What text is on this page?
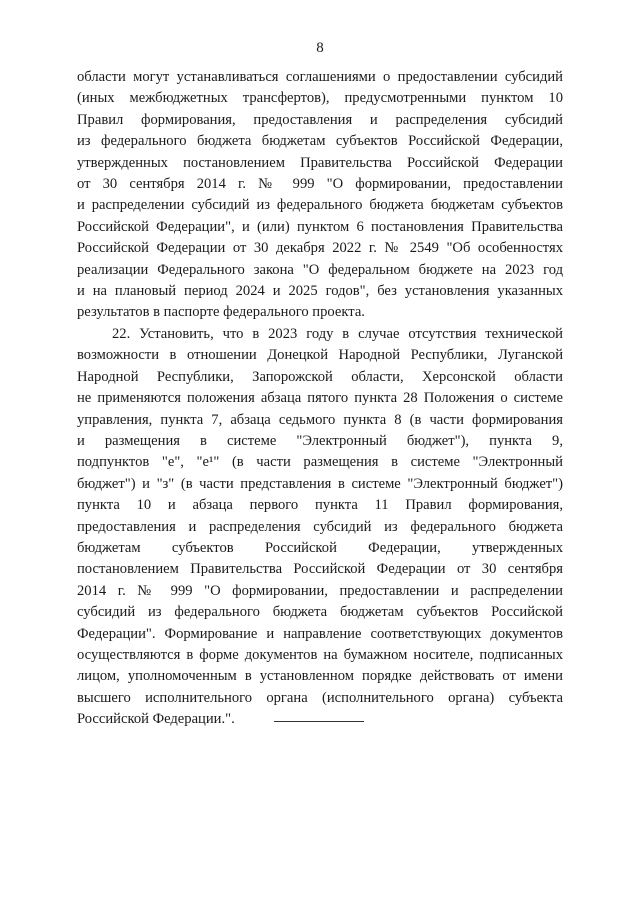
8

области могут устанавливаться соглашениями о предоставлении субсидий
(иных межбюджетных трансфертов), предусмотренными пунктом 10
Правил формирования, предоставления и распределения субсидий
из федерального бюджета бюджетам субъектов Российской Федерации,
утвержденных постановлением Правительства Российской Федерации
от 30 сентября 2014 г. № 999 "О формировании, предоставлении
и распределении субсидий из федерального бюджета бюджетам субъектов
Российской Федерации", и (или) пунктом 6 постановления Правительства
Российской Федерации от 30 декабря 2022 г. № 2549 "Об особенностях
реализации Федерального закона "О федеральном бюджете на 2023 год
и на плановый период 2024 и 2025 годов", без установления указанных
результатов в паспорте федерального проекта.

22. Установить, что в 2023 году в случае отсутствия технической
возможности в отношении Донецкой Народной Республики, Луганской
Народной Республики, Запорожской области, Херсонской области
не применяются положения абзаца пятого пункта 28 Положения о системе
управления, пункта 7, абзаца седьмого пункта 8 (в части формирования
и размещения в системе "Электронный бюджет"), пункта 9,
подпунктов "е", "е¹" (в части размещения в системе "Электронный
бюджет") и "з" (в части представления в системе "Электронный бюджет")
пункта 10 и абзаца первого пункта 11 Правил формирования,
предоставления и распределения субсидий из федерального бюджета
бюджетам субъектов Российской Федерации, утвержденных
постановлением Правительства Российской Федерации от 30 сентября
2014 г. № 999 "О формировании, предоставлении и распределении
субсидий из федерального бюджета бюджетам субъектов Российской
Федерации". Формирование и направление соответствующих документов
осуществляются в форме документов на бумажном носителе, подписанных
лицом, уполномоченным в установленном порядке действовать от имени
высшего исполнительного органа (исполнительного органа) субъекта
Российской Федерации.".
